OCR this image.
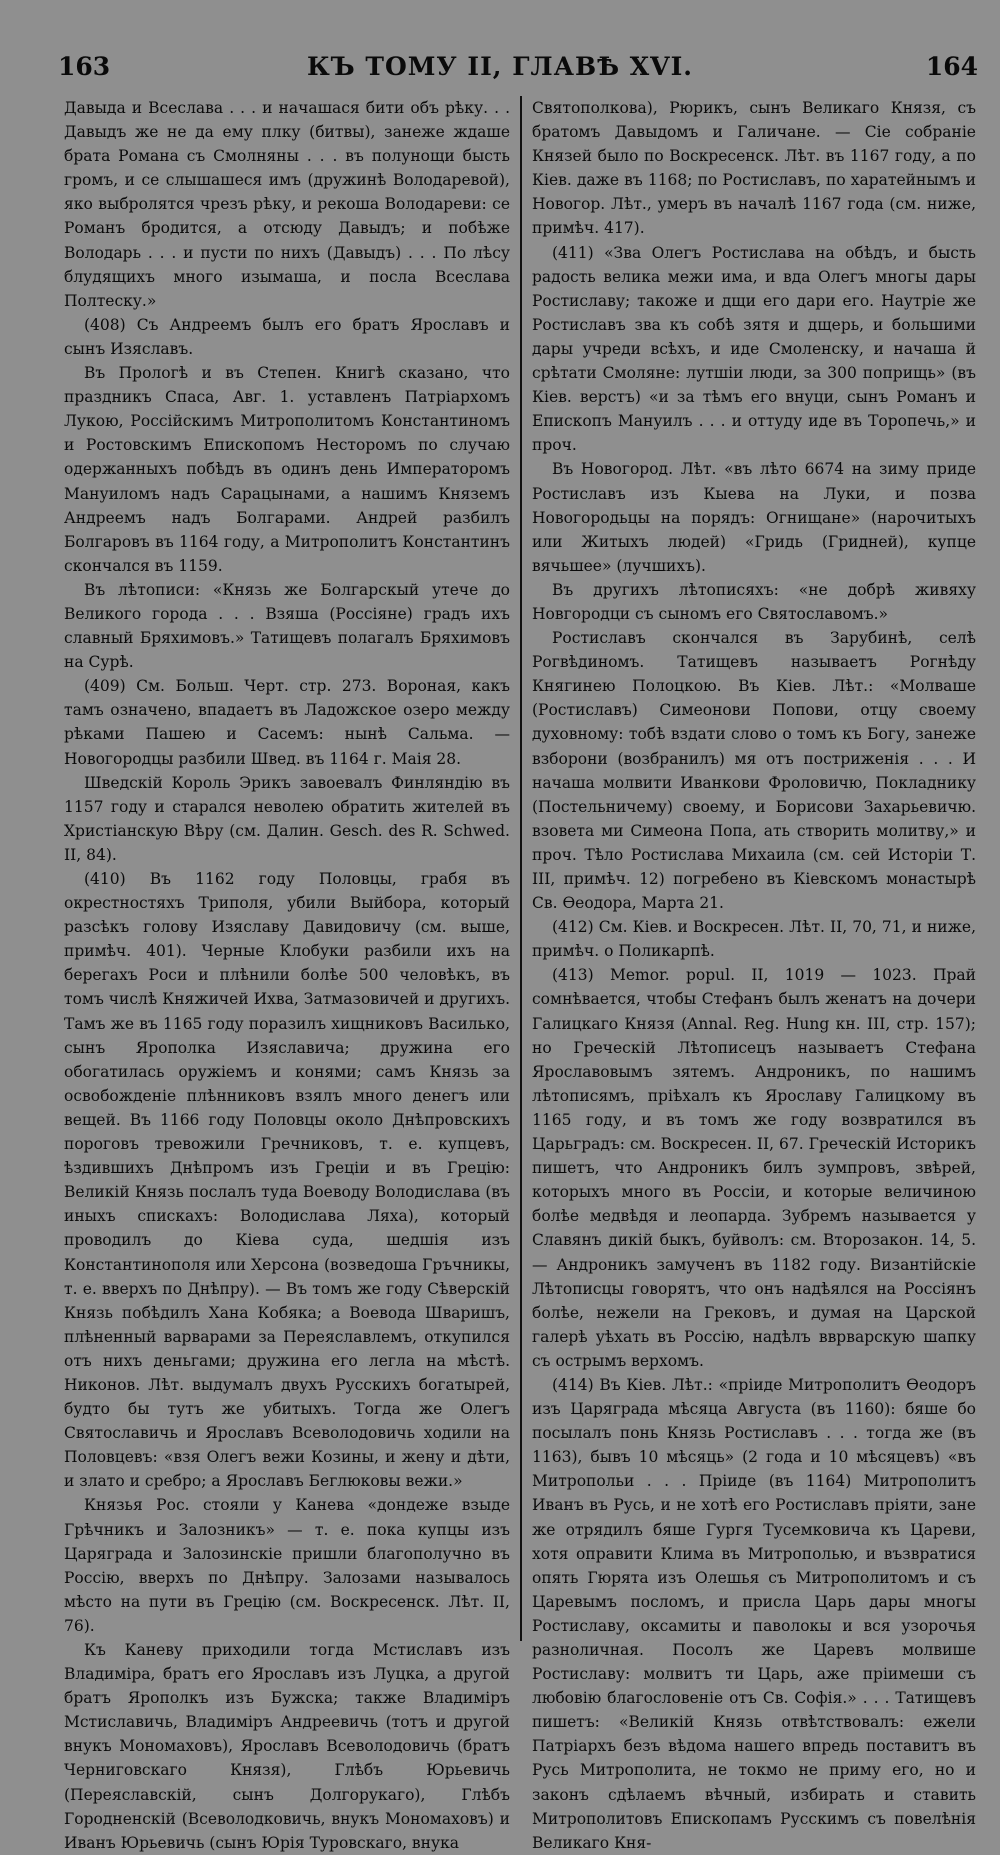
163	КЪ ТОМУ II, ГЛАВѢ XVI.	164

Давыда и Всеслава . . . и начашася бити объ рѣку. . . Давыдъ же не да ему плку (битвы), занеже ждаше брата Романа съ Смолняны . . . въ полунощи бысть громъ, и се слышашеся имъ (дружинѣ Володаревой), яко выбролятся чрезъ рѣку, и рекоша Володареви: се Романъ бродится, а отсюду Давыдъ; и побѣже Володарь . . . и пусти по нихъ (Давыдъ) . . . По лѣсу блудящихъ много изымаша, и посла Всеслава Полтеску.»

(408) Съ Андреемъ былъ его братъ Ярославъ и сынъ Изяславъ.

Въ Прологѣ и въ Степен. Книгѣ сказано, что праздникъ Спаса, Авг. 1. уставленъ Патріархомъ Лукою, Россійскимъ Митрополитомъ Константиномъ и Ростовскимъ Епископомъ Несторомъ по случаю одержанныхъ побѣдъ въ одинъ день Императоромъ Мануиломъ надъ Сарацынами, а нашимъ Княземъ Андреемъ надъ Болгарами. Андрей разбилъ Болгаровъ въ 1164 году, а Митрополитъ Константинъ скончался въ 1159.

Въ лѣтописи: «Князь же Болгарскый утече до Великого города . . . Взяша (Россіяне) градъ ихъ славный Бряхимовъ.» Татищевъ полагалъ Бряхимовъ на Сурѣ.

(409) См. Больш. Черт. стр. 273. Вороная, какъ тамъ означено, впадаетъ въ Ладожское озеро между рѣками Пашею и Сасемъ: нынѣ Сальма. — Новогородцы разбили Швед. въ 1164 г. Маія 28.

Шведскій Король Эрикъ завоевалъ Финляндію въ 1157 году и старался неволею обратить жителей въ Христіанскую Вѣру (см. Далин. Gesch. des R. Schwed. II, 84).

(410) Въ 1162 году Половцы, грабя въ окрестностяхъ Триполя, убили Выйбора, который разсѣкъ голову Изяславу Давидовичу (см. выше, примѣч. 401). Черные Клобуки разбили ихъ на берегахъ Роси и плѣнили болѣе 500 человѣкъ, въ томъ числѣ Княжичей Ихва, Затмазовичей и другихъ. Тамъ же въ 1165 году поразилъ хищниковъ Василько, сынъ Ярополка Изяславича; дружина его обогатилась оружіемъ и конями; самъ Князь за освобожденіе плѣнниковъ взялъ много денегъ или вещей. Въ 1166 году Половцы около Днѣпровскихъ пороговъ тревожили Гречниковъ, т. е. купцевъ, ѣздившихъ Днѣпромъ изъ Греціи и въ Грецію: Великій Князь послалъ туда Воеводу Володислава (въ иныхъ спискахъ: Володислава Ляха), который проводилъ до Кіева суда, шедшія изъ Константинополя или Херсона (возведоша Гръчникы, т. е. вверхъ по Днѣпру). — Въ томъ же году Сѣверскій Князь побѣдилъ Хана Кобяка; а Воевода Шваришъ, плѣненный варварами за Переяславлемъ, откупился отъ нихъ деньгами; дружина его легла на мѣстѣ. Никонов. Лѣт. выдумалъ двухъ Русскихъ богатырей, будто бы тутъ же убитыхъ. Тогда же Олегъ Святославичь и Ярославъ Всеволодовичь ходили на Половцевъ: «взя Олегъ вежи Козины, и жену и дѣти, и злато и сребро; а Ярославъ Беглюковы вежи.»

Князья Рос. стояли у Канева «дондеже взыде Грѣчникъ и Залозникъ» — т. е. пока купцы изъ Царяграда и Залозинскіе пришли благополучно въ Россію, вверхъ по Днѣпру. Залозами называлось мѣсто на пути въ Грецію (см. Воскресенск. Лѣт. II, 76).

Къ Каневу приходили тогда Мстиславъ изъ Владиміра, братъ его Ярославъ изъ Луцка, а другой братъ Ярополкъ изъ Бужска; также Владиміръ Мстиславичь, Владиміръ Андреевичь (тотъ и другой внукъ Мономаховъ), Ярославъ Всеволодовичь (братъ Черниговскаго Князя), Глѣбъ Юрьевичь (Переяславскій, сынъ Долгорукаго), Глѣбъ Городненскій (Всеволодковичь, внукъ Мономаховъ) и Иванъ Юрьевичь (сынъ Юрія Туровскаго, внука

Святополкова), Рюрикъ, сынъ Великаго Князя, съ братомъ Давыдомъ и Галичане. — Сіе собраніе Князей было по Воскресенск. Лѣт. въ 1167 году, а по Кіев. даже въ 1168; по Ростиславъ, по харатейнымъ и Новогор. Лѣт., умеръ въ началѣ 1167 года (см. ниже, примѣч. 417).

(411) «Зва Олегъ Ростислава на обѣдъ, и бысть радость велика межи има, и вда Олегъ многы дары Ростиславу; такоже и дщи его дари его. Наутріе же Ростиславъ зва къ собѣ зятя и дщерь, и большими дары учреди всѣхъ, и иде Смоленску, и начаша й срѣтати Смоляне: лутшіи люди, за 300 поприщь» (въ Кіев. верстъ) «и за тѣмъ его внуци, сынъ Романъ и Епископъ Мануилъ . . . и оттуду иде въ Торопечь,» и проч.

Въ Новогород. Лѣт. «въ лѣто 6674 на зиму приде Ростиславъ изъ Кыева на Луки, и позва Новогородьцы на порядъ: Огнищане» (нарочитыхъ или Житыхъ людей) «Гридь (Гридней), купце вячьшее» (лучшихъ).

Въ другихъ лѣтописяхъ: «не добрѣ живяху Новгородци съ сыномъ его Святославомъ.»

Ростиславъ скончался въ Зарубинѣ, селѣ Рогвѣдиномъ. Татищевъ называетъ Рогнѣду Княгинею Полоцкою. Въ Кіев. Лѣт.: «Молваше (Ростиславъ) Симеонови Попови, отцу своему духовному: тобѣ вздати слово о томъ къ Богу, занеже взборони (возбранилъ) мя отъ постриженія . . . И начаша молвити Иванкови Фроловичю, Покладнику (Постельничему) своему, и Борисови Захарьевичю. взовета ми Симеона Попа, ать створить молитву,» и проч. Тѣло Ростислава Михаила (см. сей Исторіи Т. III, примѣч. 12) погребено въ Кіевскомъ монастырѣ Св. Ѳеодора, Марта 21.

(412) См. Кіев. и Воскресен. Лѣт. II, 70, 71, и ниже, примѣч. о Поликарпѣ.

(413) Memor. popul. II, 1019 — 1023. Прай сомнѣвается, чтобы Стефанъ былъ женатъ на дочери Галицкаго Князя (Annal. Reg. Hung кн. III, стр. 157); но Греческій Лѣтописецъ называетъ Стефана Ярославовымъ зятемъ. Андроникъ, по нашимъ лѣтописямъ, пріѣхалъ къ Ярославу Галицкому въ 1165 году, и въ томъ же году возвратился въ Царьградъ: см. Воскресен. II, 67. Греческій Историкъ пишетъ, что Андроникъ билъ зумпровъ, звѣрей, которыхъ много въ Россіи, и которые величиною болѣе медвѣдя и леопарда. Зубремъ называется у Славянъ дикій быкъ, буйволъ: см. Второзакон. 14, 5. — Андроникъ замученъ въ 1182 году. Византійскіе Лѣтописцы говорятъ, что онъ надѣялся на Россіянъ болѣе, нежели на Грековъ, и думая на Царской галерѣ уѣхать въ Россію, надѣлъ вврварскую шапку съ острымъ верхомъ.

(414) Въ Кіев. Лѣт.: «пріиде Митрополитъ Ѳеодоръ изъ Царяграда мѣсяца Августа (въ 1160): бяше бо посылалъ понь Князь Ростиславъ . . . тогда же (въ 1163), бывъ 10 мѣсяць» (2 года и 10 мѣсяцевъ) «въ Митропольи . . . Пріиде (въ 1164) Митрополитъ Иванъ въ Русь, и не хотѣ его Ростиславъ пріяти, зане же отрядилъ бяше Гургя Тусемковича къ Цареви, хотя оправити Клима въ Митрополью, и възвратися опять Гюрята изъ Олешья съ Митрополитомъ и съ Царевымъ посломъ, и присла Царь дары многы Ростиславу, оксамиты и паволокы и вся узорочья разноличная. Посолъ же Царевъ молвише Ростиславу: молвитъ ти Царь, аже пріимеши съ любовію благословеніе отъ Св. Софія.» . . . Татищевъ пишетъ: «Великій Князь отвѣтствовалъ: ежели Патріархъ безъ вѣдома нашего впредь поставитъ въ Русь Митрополита, не токмо не приму его, но и законъ сдѣлаемъ вѣчный, избирать и ставить Митрополитовъ Епископамъ Русскимъ съ повелѣнія Великаго Кня-
